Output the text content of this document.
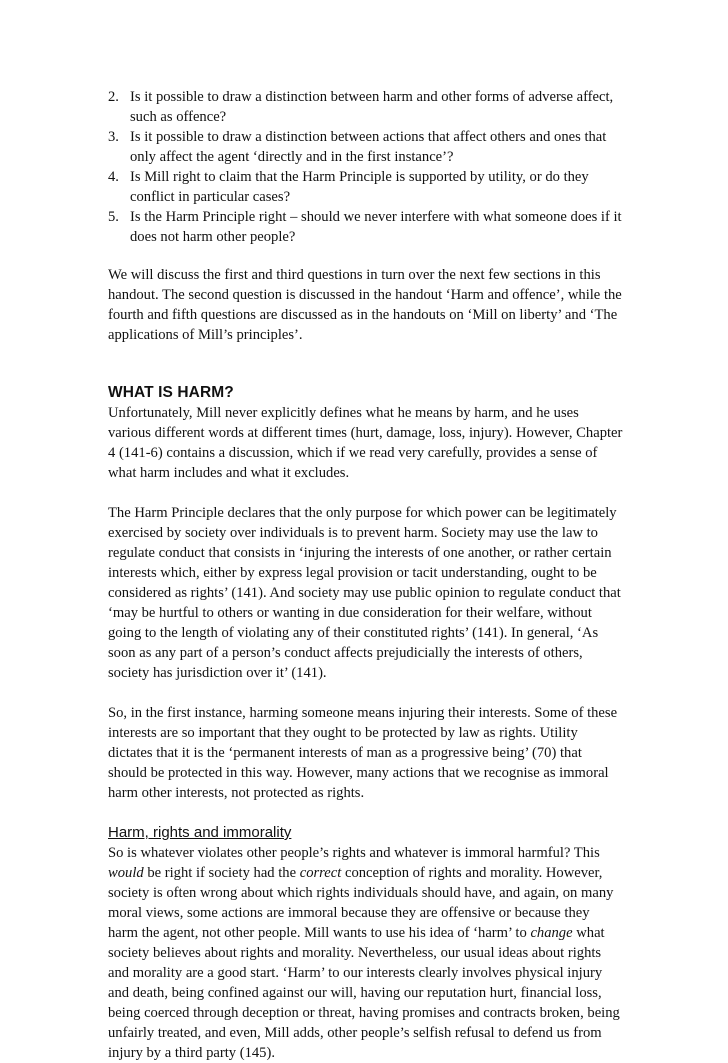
2. Is it possible to draw a distinction between harm and other forms of adverse affect, such as offence?
3. Is it possible to draw a distinction between actions that affect others and ones that only affect the agent ‘directly and in the first instance’?
4. Is Mill right to claim that the Harm Principle is supported by utility, or do they conflict in particular cases?
5. Is the Harm Principle right – should we never interfere with what someone does if it does not harm other people?

We will discuss the first and third questions in turn over the next few sections in this handout. The second question is discussed in the handout ‘Harm and offence’, while the fourth and fifth questions are discussed as in the handouts on ‘Mill on liberty’ and ‘The applications of Mill’s principles’.

WHAT IS HARM?

Unfortunately, Mill never explicitly defines what he means by harm, and he uses various different words at different times (hurt, damage, loss, injury). However, Chapter 4 (141-6) contains a discussion, which if we read very carefully, provides a sense of what harm includes and what it excludes.

The Harm Principle declares that the only purpose for which power can be legitimately exercised by society over individuals is to prevent harm. Society may use the law to regulate conduct that consists in ‘injuring the interests of one another, or rather certain interests which, either by express legal provision or tacit understanding, ought to be considered as rights’ (141). And society may use public opinion to regulate conduct that ‘may be hurtful to others or wanting in due consideration for their welfare, without going to the length of violating any of their constituted rights’ (141). In general, ‘As soon as any part of a person’s conduct affects prejudicially the interests of others, society has jurisdiction over it’ (141).

So, in the first instance, harming someone means injuring their interests. Some of these interests are so important that they ought to be protected by law as rights. Utility dictates that it is the ‘permanent interests of man as a progressive being’ (70) that should be protected in this way. However, many actions that we recognise as immoral harm other interests, not protected as rights.

Harm, rights and immorality

So is whatever violates other people’s rights and whatever is immoral harmful? This would be right if society had the correct conception of rights and morality. However, society is often wrong about which rights individuals should have, and again, on many moral views, some actions are immoral because they are offensive or because they harm the agent, not other people. Mill wants to use his idea of ‘harm’ to change what society believes about rights and morality. Nevertheless, our usual ideas about rights and morality are a good start. ‘Harm’ to our interests clearly involves physical injury and death, being confined against our will, having our reputation hurt, financial loss, being coerced through deception or threat, having promises and contracts broken, being unfairly treated, and even, Mill adds, other people’s selfish refusal to defend us from injury by a third party (145).
